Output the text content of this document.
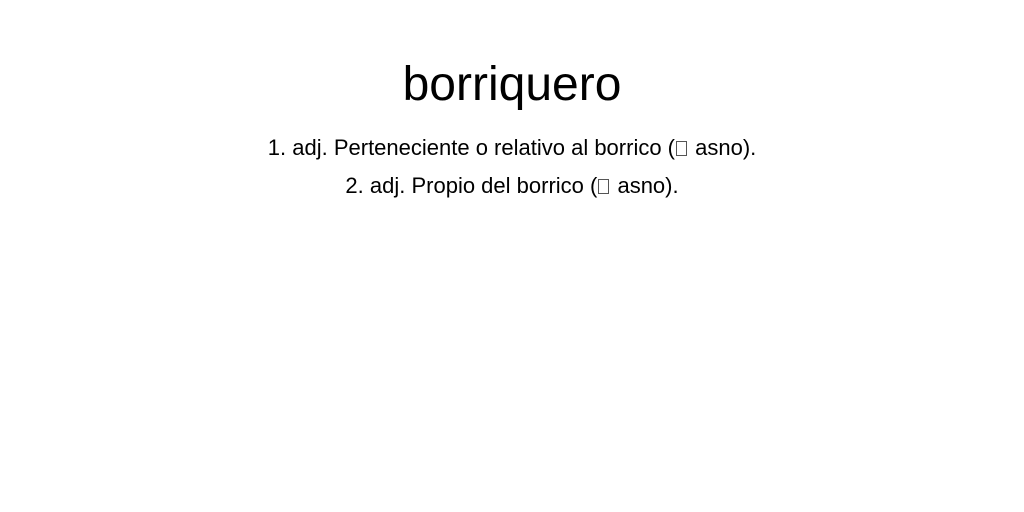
borriquero
1. adj. Perteneciente o relativo al borrico ( asno).
2. adj. Propio del borrico ( asno).
